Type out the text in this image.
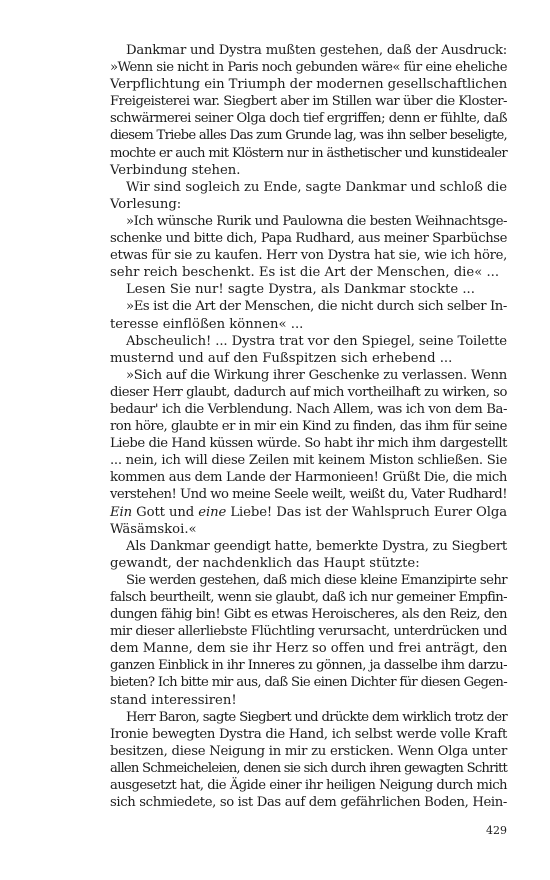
Dankmar und Dystra mußten gestehen, daß der Ausdruck:
»Wenn sie nicht in Paris noch gebunden wäre« für eine eheliche
Verpflichtung ein Triumph der modernen gesellschaftlichen
Freigeisterei war. Siegbert aber im Stillen war über die Kloster-
schwärmerei seiner Olga doch tief ergriffen; denn er fühlte, daß
diesem Triebe alles Das zum Grunde lag, was ihn selber beseligte,
mochte er auch mit Klöstern nur in ästhetischer und kunstidealer
Verbindung stehen.
Wir sind sogleich zu Ende, sagte Dankmar und schloß die
Vorlesung:
»Ich wünsche Rurik und Paulowna die besten Weihnachtsge-
schenke und bitte dich, Papa Rudhard, aus meiner Sparbüchse
etwas für sie zu kaufen. Herr von Dystra hat sie, wie ich höre,
sehr reich beschenkt. Es ist die Art der Menschen, die« ...
Lesen Sie nur! sagte Dystra, als Dankmar stockte ...
»Es ist die Art der Menschen, die nicht durch sich selber In-
teresse einflößen können« ...
Abscheulich! ... Dystra trat vor den Spiegel, seine Toilette
musternd und auf den Fußspitzen sich erhebend ...
»Sich auf die Wirkung ihrer Geschenke zu verlassen. Wenn
dieser Herr glaubt, dadurch auf mich vortheilhaft zu wirken, so
bedaur' ich die Verblendung. Nach Allem, was ich von dem Ba-
ron höre, glaubte er in mir ein Kind zu finden, das ihm für seine
Liebe die Hand küssen würde. So habt ihr mich ihm dargestellt
... nein, ich will diese Zeilen mit keinem Miston schließen. Sie
kommen aus dem Lande der Harmonieen! Grüßt Die, die mich
verstehen! Und wo meine Seele weilt, weißt du, Vater Rudhard!
Ein Gott und eine Liebe! Das ist der Wahlspruch Eurer Olga
Wäsämskoi.«
Als Dankmar geendigt hatte, bemerkte Dystra, zu Siegbert
gewandt, der nachdenklich das Haupt stützte:
Sie werden gestehen, daß mich diese kleine Emanzipirte sehr
falsch beurtheilt, wenn sie glaubt, daß ich nur gemeiner Empfin-
dungen fähig bin! Gibt es etwas Heroischeres, als den Reiz, den
mir dieser allerliebste Flüchtling verursacht, unterdrücken und
dem Manne, dem sie ihr Herz so offen und frei anträgt, den
ganzen Einblick in ihr Inneres zu gönnen, ja dasselbe ihm darzu-
bieten? Ich bitte mir aus, daß Sie einen Dichter für diesen Gegen-
stand interessiren!
Herr Baron, sagte Siegbert und drückte dem wirklich trotz der
Ironie bewegten Dystra die Hand, ich selbst werde volle Kraft
besitzen, diese Neigung in mir zu ersticken. Wenn Olga unter
allen Schmeicheleien, denen sie sich durch ihren gewagten Schritt
ausgesetzt hat, die Ägide einer ihr heiligen Neigung durch mich
sich schmiedete, so ist Das auf dem gefährlichen Boden, Hein-
429
